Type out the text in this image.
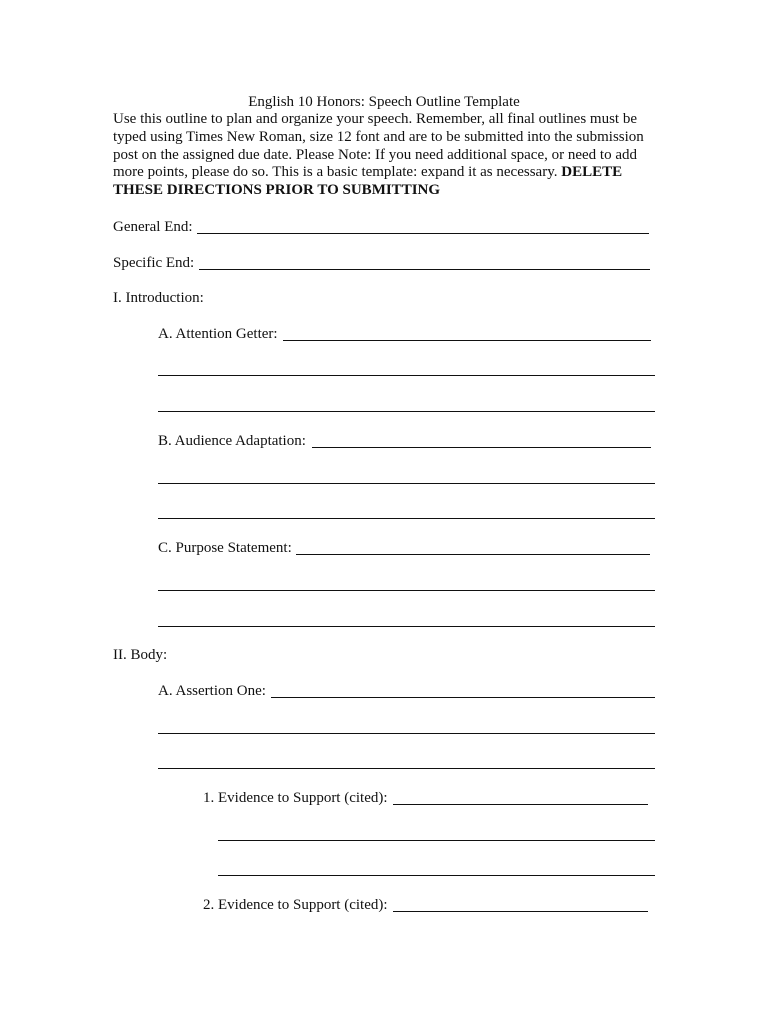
English 10 Honors: Speech Outline Template
Use this outline to plan and organize your speech. Remember, all final outlines must be typed using Times New Roman, size 12 font and are to be submitted into the submission post on the assigned due date. Please Note: If you need additional space, or need to add more points, please do so. This is a basic template: expand it as necessary. DELETE THESE DIRECTIONS PRIOR TO SUBMITTING
General End:
Specific End:
I. Introduction:
A. Attention Getter:
B. Audience Adaptation:
C. Purpose Statement:
II. Body:
A. Assertion One:
1. Evidence to Support (cited):
2. Evidence to Support (cited):
